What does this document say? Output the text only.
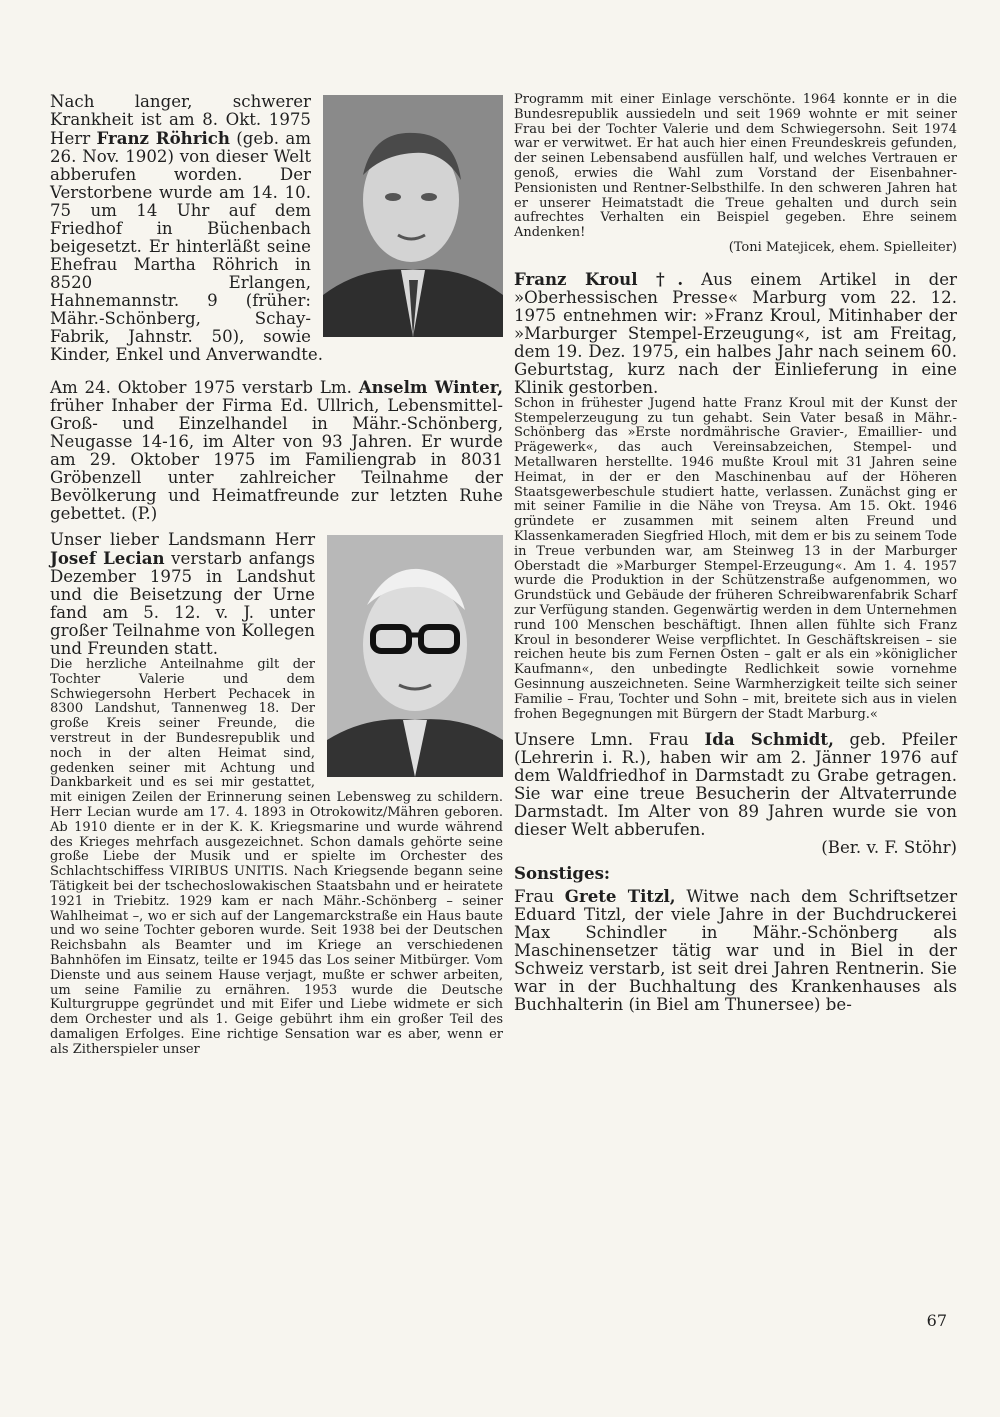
Nach langer, schwerer Krankheit ist am 8. Okt. 1975 Herr Franz Röhrich (geb. am 26. Nov. 1902) von dieser Welt abberufen worden. Der Verstorbene wurde am 14. 10. 75 um 14 Uhr auf dem Friedhof in Büchenbach beigesetzt. Er hinterläßt seine Ehefrau Martha Röhrich in 8520 Erlangen, Hahnemannstr. 9 (früher: Mähr.-Schönberg, Schay-Fabrik, Jahnstr. 50), sowie Kinder, Enkel und Anverwandte.

Am 24. Oktober 1975 verstarb Lm. Anselm Winter, früher Inhaber der Firma Ed. Ullrich, Lebensmittel-Groß- und Einzelhandel in Mähr.-Schönberg, Neugasse 14-16, im Alter von 93 Jahren. Er wurde am 29. Oktober 1975 im Familiengrab in 8031 Gröbenzell unter zahlreicher Teilnahme der Bevölkerung und Heimatfreunde zur letzten Ruhe gebettet. (P.)

Unser lieber Landsmann Herr Josef Lecian verstarb anfangs Dezember 1975 in Landshut und die Beisetzung der Urne fand am 5. 12. v. J. unter großer Teilnahme von Kollegen und Freunden statt.

Die herzliche Anteilnahme gilt der Tochter Valerie und dem Schwiegersohn Herbert Pechacek in 8300 Landshut, Tannenweg 18. Der große Kreis seiner Freunde, die verstreut in der Bundesrepublik und noch in der alten Heimat sind, gedenken seiner mit Achtung und Dankbarkeit und es sei mir gestattet, mit einigen Zeilen der Erinnerung seinen Lebensweg zu schildern. Herr Lecian wurde am 17. 4. 1893 in Otrokowitz/Mähren geboren. Ab 1910 diente er in der K. K. Kriegsmarine und wurde während des Krieges mehrfach ausgezeichnet. Schon damals gehörte seine große Liebe der Musik und er spielte im Orchester des Schlachtschiffess VIRIBUS UNITIS. Nach Kriegsende begann seine Tätigkeit bei der tschechoslowakischen Staatsbahn und er heiratete 1921 in Triebitz. 1929 kam er nach Mähr.-Schönberg – seiner Wahlheimat –, wo er sich auf der Langemarckstraße ein Haus baute und wo seine Tochter geboren wurde. Seit 1938 bei der Deutschen Reichsbahn als Beamter und im Kriege an verschiedenen Bahnhöfen im Einsatz, teilte er 1945 das Los seiner Mitbürger. Vom Dienste und aus seinem Hause verjagt, mußte er schwer arbeiten, um seine Familie zu ernähren. 1953 wurde die Deutsche Kulturgruppe gegründet und mit Eifer und Liebe widmete er sich dem Orchester und als 1. Geige gebührt ihm ein großer Teil des damaligen Erfolges. Eine richtige Sensation war es aber, wenn er als Zitherspieler unser

Programm mit einer Einlage verschönte. 1964 konnte er in die Bundesrepublik aussiedeln und seit 1969 wohnte er mit seiner Frau bei der Tochter Valerie und dem Schwiegersohn. Seit 1974 war er verwitwet. Er hat auch hier einen Freundeskreis gefunden, der seinen Lebensabend ausfüllen half, und welches Vertrauen er genoß, erwies die Wahl zum Vorstand der Eisenbahner-Pensionisten und Rentner-Selbsthilfe. In den schweren Jahren hat er unserer Heimatstadt die Treue gehalten und durch sein aufrechtes Verhalten ein Beispiel gegeben. Ehre seinem Andenken!

(Toni Matejicek, ehem. Spielleiter)

Franz Kroul †. Aus einem Artikel in der »Oberhessischen Presse« Marburg vom 22. 12. 1975 entnehmen wir: »Franz Kroul, Mitinhaber der »Marburger Stempel-Erzeugung«, ist am Freitag, dem 19. Dez. 1975, ein halbes Jahr nach seinem 60. Geburtstag, kurz nach der Einlieferung in eine Klinik gestorben.

Schon in frühester Jugend hatte Franz Kroul mit der Kunst der Stempelerzeugung zu tun gehabt. Sein Vater besaß in Mähr.-Schönberg das »Erste nordmährische Gravier-, Emaillier- und Prägewerk«, das auch Vereinsabzeichen, Stempel- und Metallwaren herstellte. 1946 mußte Kroul mit 31 Jahren seine Heimat, in der er den Maschinenbau auf der Höheren Staatsgewerbeschule studiert hatte, verlassen. Zunächst ging er mit seiner Familie in die Nähe von Treysa. Am 15. Okt. 1946 gründete er zusammen mit seinem alten Freund und Klassenkameraden Siegfried Hloch, mit dem er bis zu seinem Tode in Treue verbunden war, am Steinweg 13 in der Marburger Oberstadt die »Marburger Stempel-Erzeugung«. Am 1. 4. 1957 wurde die Produktion in der Schützenstraße aufgenommen, wo Grundstück und Gebäude der früheren Schreibwarenfabrik Scharf zur Verfügung standen. Gegenwärtig werden in dem Unternehmen rund 100 Menschen beschäftigt. Ihnen allen fühlte sich Franz Kroul in besonderer Weise verpflichtet. In Geschäftskreisen – sie reichen heute bis zum Fernen Osten – galt er als ein »königlicher Kaufmann«, den unbedingte Redlichkeit sowie vornehme Gesinnung auszeichneten. Seine Warmherzigkeit teilte sich seiner Familie – Frau, Tochter und Sohn – mit, breitete sich aus in vielen frohen Begegnungen mit Bürgern der Stadt Marburg.«

Unsere Lmn. Frau Ida Schmidt, geb. Pfeiler (Lehrerin i. R.), haben wir am 2. Jänner 1976 auf dem Waldfriedhof in Darmstadt zu Grabe getragen. Sie war eine treue Besucherin der Altvaterrunde Darmstadt. Im Alter von 89 Jahren wurde sie von dieser Welt abberufen.

(Ber. v. F. Stöhr)

Sonstiges:

Frau Grete Titzl, Witwe nach dem Schriftsetzer Eduard Titzl, der viele Jahre in der Buchdruckerei Max Schindler in Mähr.-Schönberg als Maschinensetzer tätig war und in Biel in der Schweiz verstarb, ist seit drei Jahren Rentnerin. Sie war in der Buchhaltung des Krankenhauses als Buchhalterin (in Biel am Thunersee) be-

67
